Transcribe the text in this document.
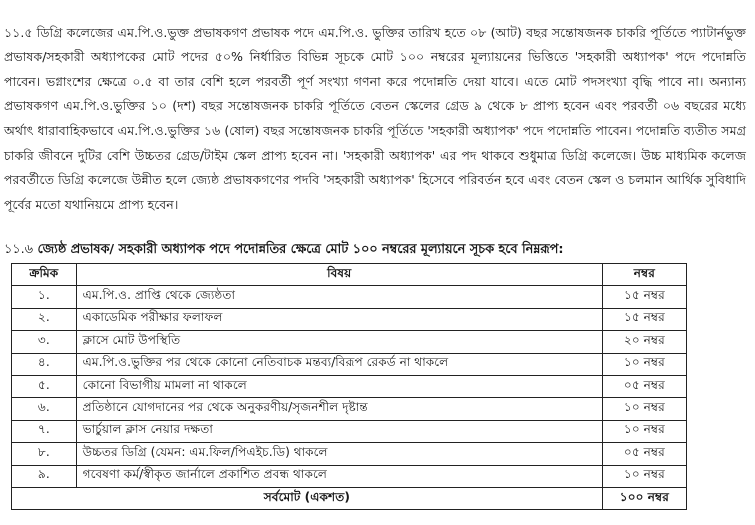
১১.৫ ডিগ্রি কলেজের এম.পি.ও.ভুক্ত প্রভাষকগণ প্রভাষক পদে এম.পি.ও. ভুক্তির তারিখ হতে ০৮ (আট) বছর সন্তোষজনক চাকরি পূর্তিতে প্যাটার্নভুক্ত প্রভাষক/সহকারী অধ্যাপকের মোট পদের ৫০% নির্ধারিত বিভিন্ন সূচকে মোট ১০০ নম্বরের মূল্যায়নের ভিত্তিতে 'সহকারী অধ্যাপক' পদে পদোন্নতি পাবেন। ভগ্নাংশের ক্ষেত্রে ০.৫ বা তার বেশি হলে পরবর্তী পূর্ণ সংখ্যা গণনা করে পদোন্নতি দেয়া যাবে। এতে মোট পদসংখ্যা বৃদ্ধি পাবে না। অন্যান্য প্রভাষকগণ এম.পি.ও.ভুক্তির ১০ (দশ) বছর সন্তোষজনক চাকরি পূর্তিতে বেতন স্কেলের গ্রেড ৯ থেকে ৮ প্রাপ্য হবেন এবং পরবর্তী ০৬ বছরের মধ্যে অর্থাৎ ধারাবাহিকভাবে এম.পি.ও.ভুক্তির ১৬ (ষোল) বছর সন্তোষজনক চাকরি পূর্তিতে 'সহকারী অধ্যাপক' পদে পদোন্নতি পাবেন। পদোন্নতি ব্যতীত সমগ্র চাকরি জীবনে দুটির বেশি উচ্চতর গ্রেড/টাইম স্কেল প্রাপ্য হবেন না। 'সহকারী অধ্যাপক' এর পদ থাকবে শুধুমাত্র ডিগ্রি কলেজে। উচ্চ মাধ্যমিক কলেজ পরবর্তীতে ডিগ্রি কলেজে উন্নীত হলে জ্যেষ্ঠ প্রভাষকগণের পদবি 'সহকারী অধ্যাপক' হিসেবে পরিবর্তন হবে এবং বেতন স্কেল ও চলমান আর্থিক সুবিধাদি পূর্বের মতো যথানিয়মে প্রাপ্য হবেন।

১১.৬ জ্যেষ্ঠ প্রভাষক/ সহকারী অধ্যাপক পদে পদোন্নতির ক্ষেত্রে মোট ১০০ নম্বরের মূল্যায়নে সূচক হবে নিম্নরূপ:
ক্রমিক	বিষয়	নম্বর
১.	এম.পি.ও. প্রাপ্তি থেকে জ্যেষ্ঠতা	১৫ নম্বর
২.	একাডেমিক পরীক্ষার ফলাফল	১৫ নম্বর
৩.	ক্লাসে মোট উপস্থিতি	২০ নম্বর
৪.	এম.পি.ও.ভুক্তির পর থেকে কোনো নেতিবাচক মন্তব্য/বিরূপ রেকর্ড না থাকলে	১০ নম্বর
৫.	কোনো বিভাগীয় মামলা না থাকলে	০৫ নম্বর
৬.	প্রতিষ্ঠানে যোগদানের পর থেকে অনুকরণীয়/সৃজনশীল দৃষ্টান্ত	১০ নম্বর
৭.	ভার্চুয়াল ক্লাস নেয়ার দক্ষতা	১০ নম্বর
৮.	উচ্চতর ডিগ্রি (যেমন: এম.ফিল/পিএইচ.ডি) থাকলে	০৫ নম্বর
৯.	গবেষণা কর্ম/স্বীকৃত জার্নালে প্রকাশিত প্রবন্ধ থাকলে	১০ নম্বর
সর্বমোট (একশত)		১০০ নম্বর
